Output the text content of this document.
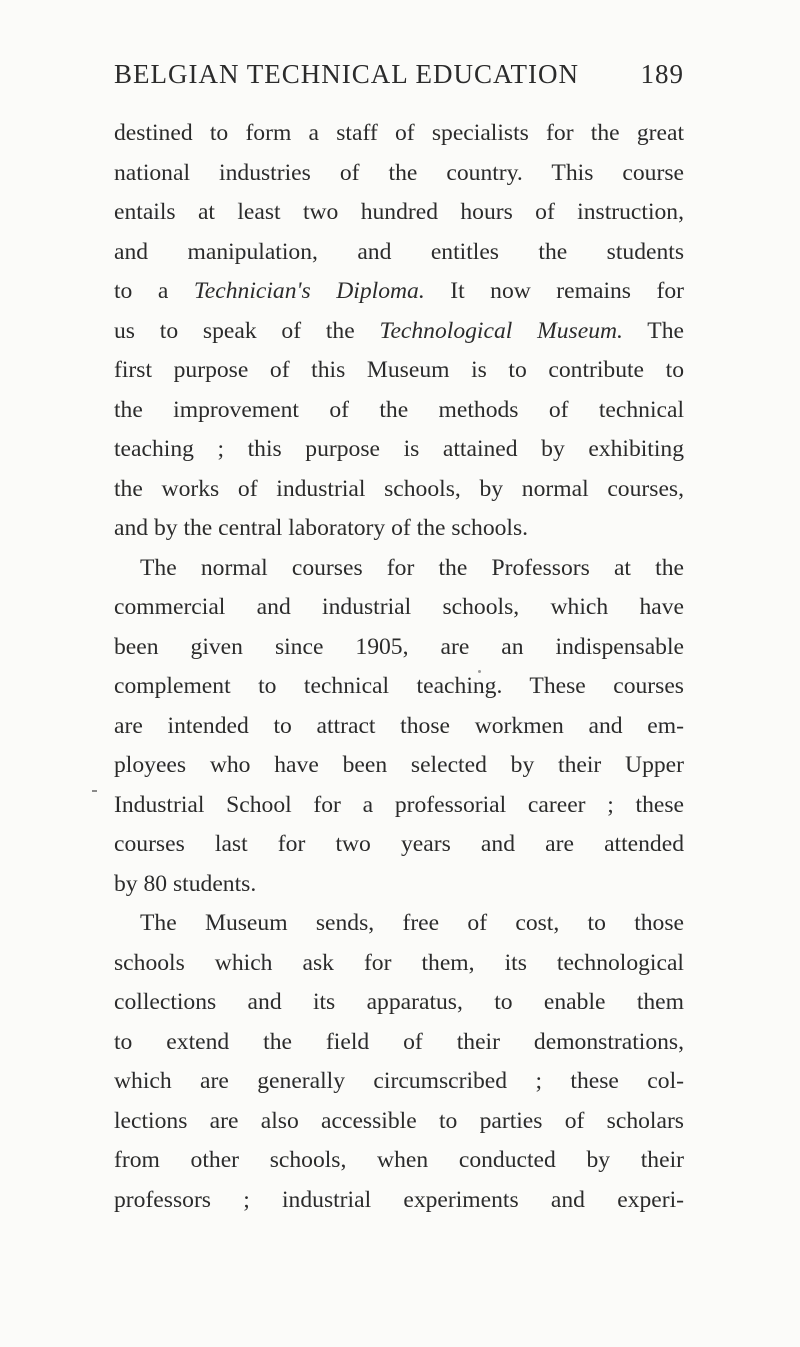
BELGIAN TECHNICAL EDUCATION 189
destined to form a staff of specialists for the great
national industries of the country. This course
entails at least two hundred hours of instruction,
and manipulation, and entitles the students
to a Technician's Diploma. It now remains for
us to speak of the Technological Museum. The
first purpose of this Museum is to contribute to
the improvement of the methods of technical
teaching ; this purpose is attained by exhibiting
the works of industrial schools, by normal courses,
and by the central laboratory of the schools.
The normal courses for the Professors at the
commercial and industrial schools, which have
been given since 1905, are an indispensable
complement to technical teaching. These courses
are intended to attract those workmen and em-
ployees who have been selected by their Upper
Industrial School for a professorial career ; these
courses last for two years and are attended
by 80 students.
The Museum sends, free of cost, to those
schools which ask for them, its technological
collections and its apparatus, to enable them
to extend the field of their demonstrations,
which are generally circumscribed ; these col-
lections are also accessible to parties of scholars
from other schools, when conducted by their
professors ; industrial experiments and experi-
